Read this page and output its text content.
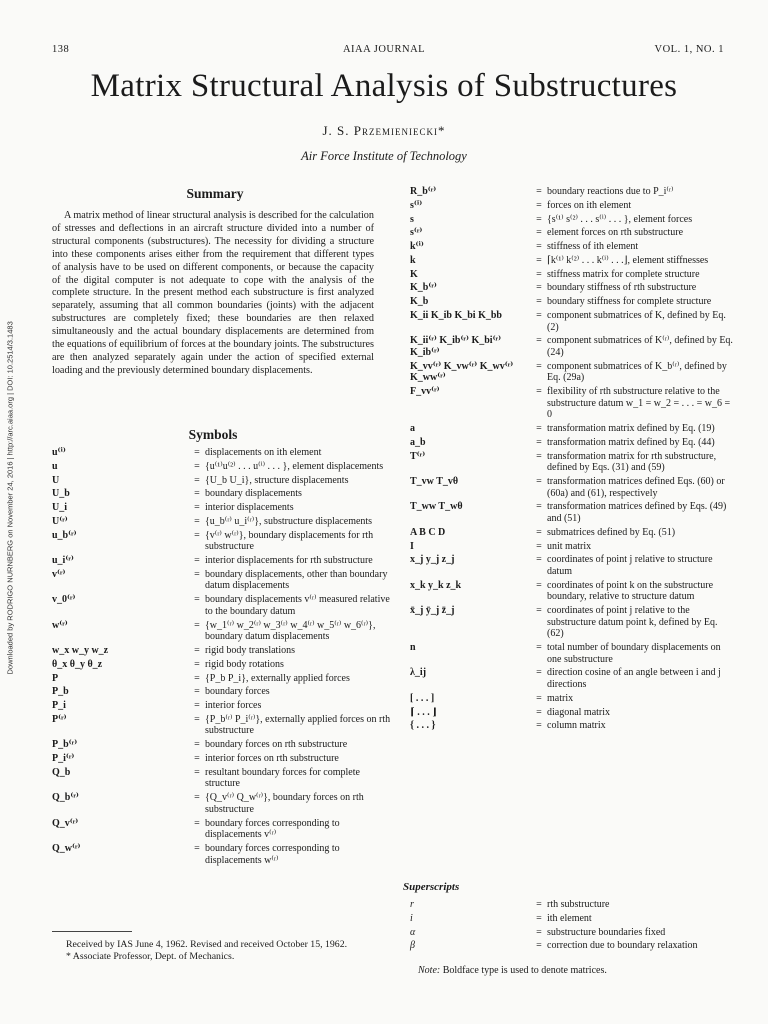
138	AIAA JOURNAL	VOL. 1, NO. 1
Matrix Structural Analysis of Substructures
J. S. Przemieniecki*
Air Force Institute of Technology
Downloaded by RODRIGO NURNBERG on November 24, 2016 | http://arc.aiaa.org | DOI: 10.2514/3.1483
Summary

A matrix method of linear structural analysis is described for the calculation of stresses and deflections in an aircraft structure divided into a number of structural components (substructures). The necessity for dividing a structure into these components arises either from the requirement that different types of analysis have to be used on different components, or because the capacity of the digital computer is not adequate to cope with the analysis of the complete structure. In the present method each substructure is first analyzed separately, assuming that all common boundaries (joints) with the adjacent substructures are completely fixed; these boundaries are then relaxed simultaneously and the actual boundary displacements are determined from the equations of equilibrium of forces at the boundary joints. The substructures are then analyzed separately again under the action of specified external loading and the previously determined boundary displacements.

Symbols
u⁽ⁱ⁾	=	displacements on ith element
u	=	{u⁽¹⁾u⁽²⁾ . . . u⁽ⁱ⁾ . . . }, element displacements
U	=	{U_b U_i}, structure displacements
U_b	=	boundary displacements
U_i	=	interior displacements
U⁽ʳ⁾	=	{u_b⁽ʳ⁾ u_i⁽ʳ⁾}, substructure displacements
u_b⁽ʳ⁾	=	{v⁽ʳ⁾ w⁽ʳ⁾}, boundary displacements for rth substructure
u_i⁽ʳ⁾	=	interior displacements for rth substructure
v⁽ʳ⁾	=	boundary displacements, other than boundary datum displacements
v_0⁽ʳ⁾	=	boundary displacements v⁽ʳ⁾ measured relative to the boundary datum
w⁽ʳ⁾	=	{w_1⁽ʳ⁾ w_2⁽ʳ⁾ w_3⁽ʳ⁾ w_4⁽ʳ⁾ w_5⁽ʳ⁾ w_6⁽ʳ⁾}, boundary datum displacements
w_x w_y w_z	=	rigid body translations
θ_x θ_y θ_z	=	rigid body rotations
P	=	{P_b P_i}, externally applied forces
P_b	=	boundary forces
P_i	=	interior forces
P⁽ʳ⁾	=	{P_b⁽ʳ⁾ P_i⁽ʳ⁾}, externally applied forces on rth substructure
P_b⁽ʳ⁾	=	boundary forces on rth substructure
P_i⁽ʳ⁾	=	interior forces on rth substructure
Q_b	=	resultant boundary forces for complete structure
Q_b⁽ʳ⁾	=	{Q_v⁽ʳ⁾ Q_w⁽ʳ⁾}, boundary forces on rth substructure
Q_v⁽ʳ⁾	=	boundary forces corresponding to displacements v⁽ʳ⁾
Q_w⁽ʳ⁾	=	boundary forces corresponding to displacements w⁽ʳ⁾
R_b⁽ʳ⁾	=	boundary reactions due to P_i⁽ʳ⁾
s⁽ⁱ⁾	=	forces on ith element
s	=	{s⁽¹⁾ s⁽²⁾ . . . s⁽ⁱ⁾ . . . }, element forces
s⁽ʳ⁾	=	element forces on rth substructure
k⁽ⁱ⁾	=	stiffness of ith element
k	=	⌈k⁽¹⁾ k⁽²⁾ . . . k⁽ⁱ⁾ . . .⌋, element stiffnesses
K	=	stiffness matrix for complete structure
K_b⁽ʳ⁾	=	boundary stiffness of rth substructure
K_b	=	boundary stiffness for complete structure
K_ii K_ib K_bi K_bb	=	component submatrices of K, defined by Eq. (2)
K_ii⁽ʳ⁾ K_ib⁽ʳ⁾ K_bi⁽ʳ⁾ K_ib⁽ʳ⁾	=	component submatrices of K⁽ʳ⁾, defined by Eq. (24)
K_vv⁽ʳ⁾ K_vw⁽ʳ⁾ K_wv⁽ʳ⁾ K_ww⁽ʳ⁾	=	component submatrices of K_b⁽ʳ⁾, defined by Eq. (29a)
F_vv⁽ʳ⁾	=	flexibility of rth substructure relative to the substructure datum w_1 = w_2 = . . . = w_6 = 0
a	=	transformation matrix defined by Eq. (19)
a_b	=	transformation matrix defined by Eq. (44)
T⁽ʳ⁾	=	transformation matrix for rth substructure, defined by Eqs. (31) and (59)
T_vw T_vθ	=	transformation matrices defined Eqs. (60) or (60a) and (61), respectively
T_ww T_wθ	=	transformation matrices defined by Eqs. (49) and (51)
A B C D	=	submatrices defined by Eq. (51)
I	=	unit matrix
x_j y_j z_j	=	coordinates of point j relative to structure datum
x_k y_k z_k	=	coordinates of point k on the substructure boundary, relative to structure datum
x̄_j ȳ_j z̄_j	=	coordinates of point j relative to the substructure datum point k, defined by Eq. (62)
n	=	total number of boundary displacements on one substructure
λ_ij	=	direction cosine of an angle between i and j directions
[ . . . ]	=	matrix
⌈ . . . ⌋	=	diagonal matrix
{ . . . }	=	column matrix
Superscripts
r	=	rth substructure
i	=	ith element
α	=	substructure boundaries fixed
β	=	correction due to boundary relaxation
Note: Boldface type is used to denote matrices.

Received by IAS June 4, 1962. Revised and received October 15, 1962.

* Associate Professor, Dept. of Mechanics.
